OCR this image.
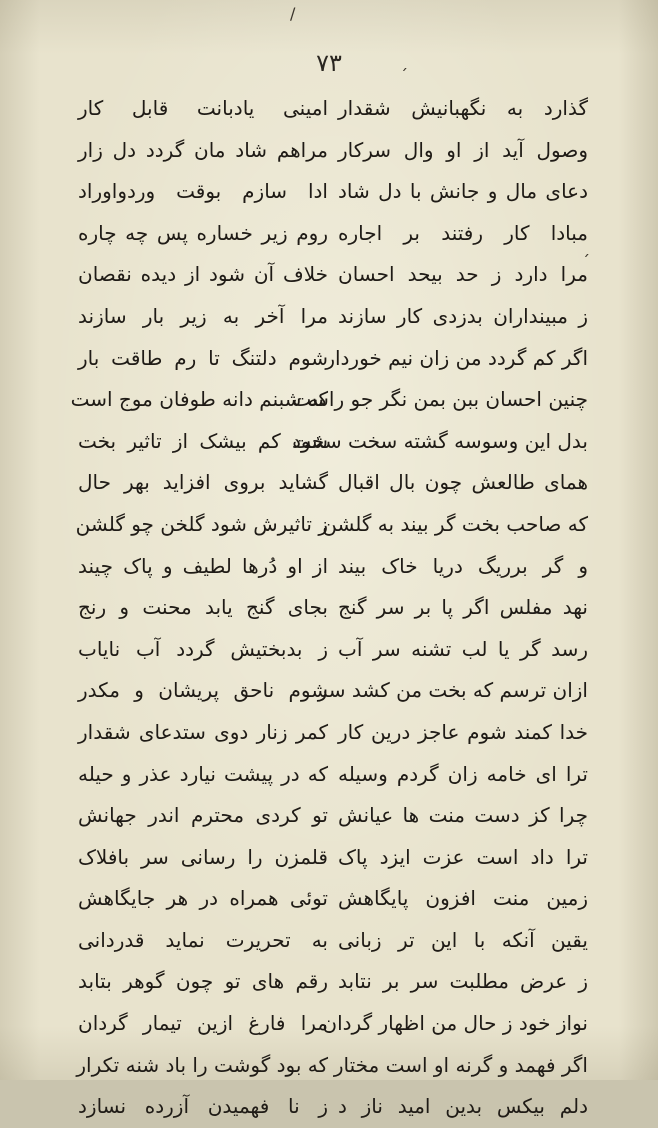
/
ˏ
ˏ
٧٣
گذارد به نگهبانیش شقدار
وصول آید از او وال سرکار
دعای مال و جانش با دل شاد
مبادا کار رفتند بر اجاره
مرا دارد ز حد بیحد احسان
ز مبینداران بدزدی کار سازند
اگر کم گردد من زان نیم خوردار
چنین احسان ببن بمن نگر جو راست
بدل این وسوسه گشته سخت سخت
همای طالعش چون بال اقبال
که صاحب بخت گر بیند به گلشن
و گر برریگ دریا خاک بیند
نهد مفلس اگر پا بر سر گنج
رسد گر یا لب تشنه سر آب
ازان ترسم که بخت من کشد سر
خدا کمند شوم عاجز درین کار
ترا ای خامه زان گردم وسیله
چرا کز دست منت ها عیانش
ترا داد است عزت ایزد پاک
زمین منت افزون پایگاهش
یقین آنکه با این تر زبانی
ز عرض مطلبت سر بر نتابد
نواز خود ز حال من اظهار گردان
اگر فهمد و گرنه او است مختار
دلم بیکس بدین امید ناز د
امینی یادبانت قابل کار
مراهم شاد مان گردد دل زار
ادا سازم بوقت وردواوراد
روم زیر خساره پس چه چاره
خلاف آن شود از دیده نقصان
مرا آخر به زیر بار سازند
شوم دلتنگ تا رم طاقت بار
که شبنم دانه طوفان موج است
شود کم بیشک از تاثیر بخت
گشاید بروی افزاید بهر حال
ز تاثیرش شود گلخن چو گلشن
از او دُرها لطیف و پاک چیند
بجای گنج یابد محنت و رنج
ز بدبختیش گردد آب نایاب
شوم ناحق پریشان و مکدر
کمر زنار دوی ستدعای شقدار
که در پیشت نیارد عذر و حیله
تو کردی محترم اندر جهانش
قلمزن را رسانی سر بافلاک
توئی همراه در هر جایگاهش
به تحریرت نماید قدردانی
رقم های تو چون گوهر بتابد
مرا فارغ ازین تیمار گردان
که بود گوشت را باد شنه تکرار
ز نا فهمیدن آزرده نسازد
